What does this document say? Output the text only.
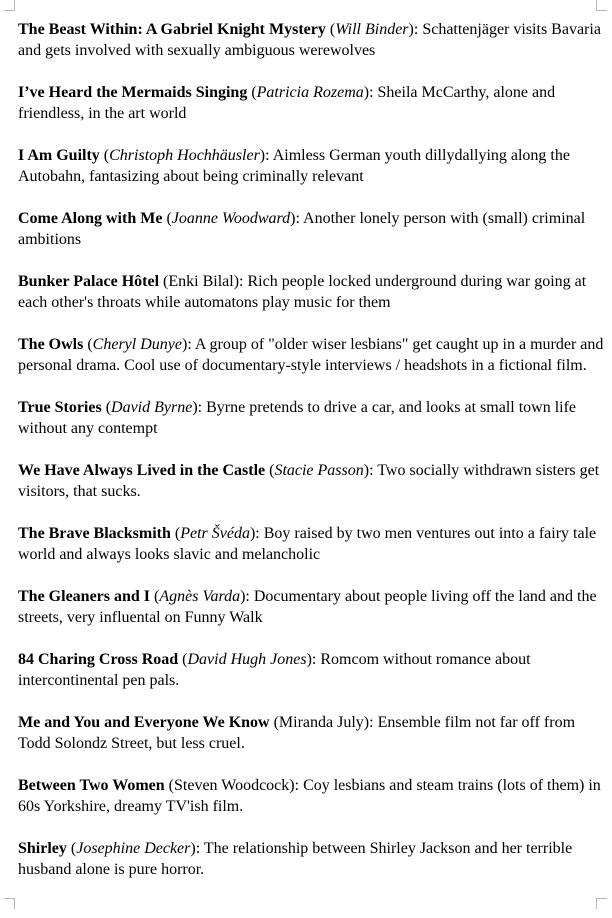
The Beast Within: A Gabriel Knight Mystery (Will Binder): Schattenjäger visits Bavaria and gets involved with sexually ambiguous werewolves

I’ve Heard the Mermaids Singing (Patricia Rozema): Sheila McCarthy, alone and friendless, in the art world

I Am Guilty (Christoph Hochhäusler): Aimless German youth dillydallying along the Autobahn, fantasizing about being criminally relevant

Come Along with Me (Joanne Woodward): Another lonely person with (small) criminal ambitions

Bunker Palace Hôtel (Enki Bilal): Rich people locked underground during war going at each other's throats while automatons play music for them

The Owls (Cheryl Dunye): A group of "older wiser lesbians" get caught up in a murder and personal drama. Cool use of documentary-style interviews / headshots in a fictional film.

True Stories (David Byrne): Byrne pretends to drive a car, and looks at small town life without any contempt

We Have Always Lived in the Castle (Stacie Passon): Two socially withdrawn sisters get visitors, that sucks.

The Brave Blacksmith (Petr Švéda): Boy raised by two men ventures out into a fairy tale world and always looks slavic and melancholic

The Gleaners and I (Agnès Varda): Documentary about people living off the land and the streets, very influental on Funny Walk

84 Charing Cross Road (David Hugh Jones): Romcom without romance about intercontinental pen pals.

Me and You and Everyone We Know (Miranda July): Ensemble film not far off from Todd Solondz Street, but less cruel.

Between Two Women (Steven Woodcock): Coy lesbians and steam trains (lots of them) in 60s Yorkshire, dreamy TV'ish film.

Shirley (Josephine Decker): The relationship between Shirley Jackson and her terrible husband alone is pure horror.
